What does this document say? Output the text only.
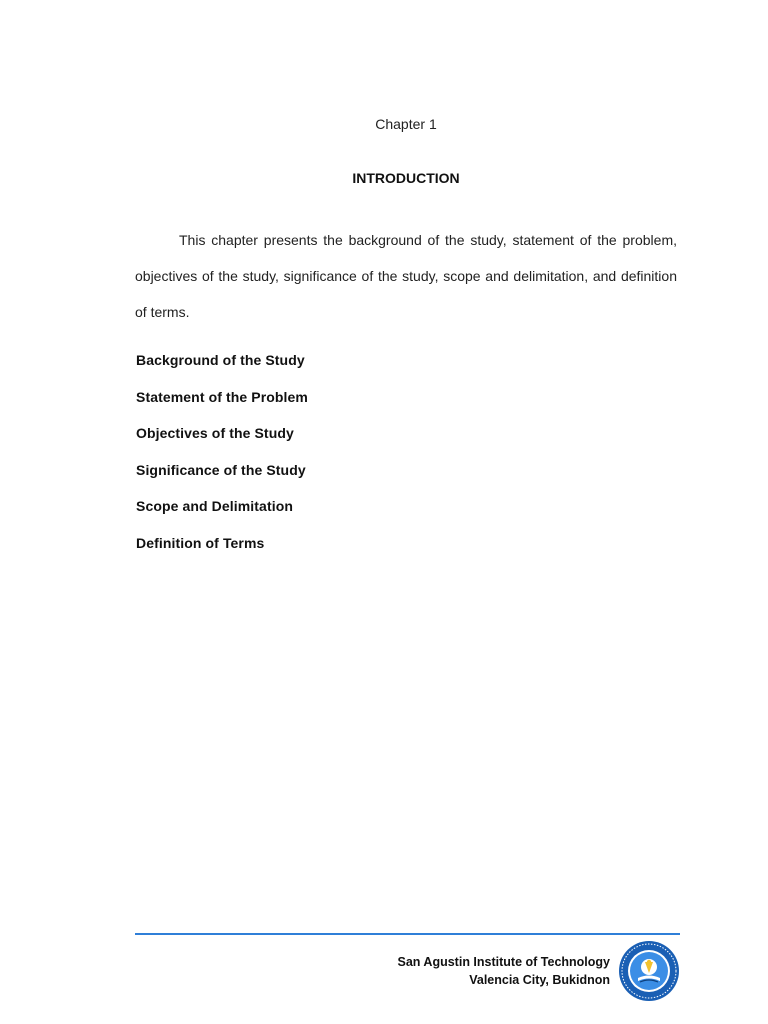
Chapter 1
INTRODUCTION

This chapter presents the background of the study, statement of the problem, objectives of the study, significance of the study, scope and delimitation, and definition of terms.

Background of the Study
Statement of the Problem
Objectives of the Study
Significance of the Study
Scope and Delimitation
Definition of Terms
San Agustin Institute of Technology
Valencia City, Bukidnon
